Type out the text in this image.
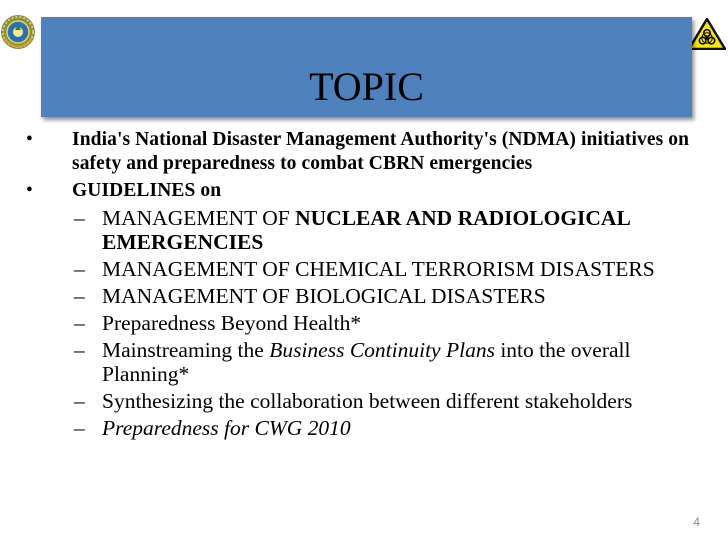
TOPIC
• India's National Disaster Management Authority's (NDMA) initiatives on safety and preparedness to combat CBRN emergencies
• GUIDELINES on
– MANAGEMENT OF NUCLEAR AND RADIOLOGICAL EMERGENCIES
– MANAGEMENT OF CHEMICAL TERRORISM DISASTERS
– MANAGEMENT OF BIOLOGICAL DISASTERS
– Preparedness Beyond Health*
– Mainstreaming the Business Continuity Plans into the overall Planning*
– Synthesizing the collaboration between different stakeholders
– Preparedness for CWG 2010
4
